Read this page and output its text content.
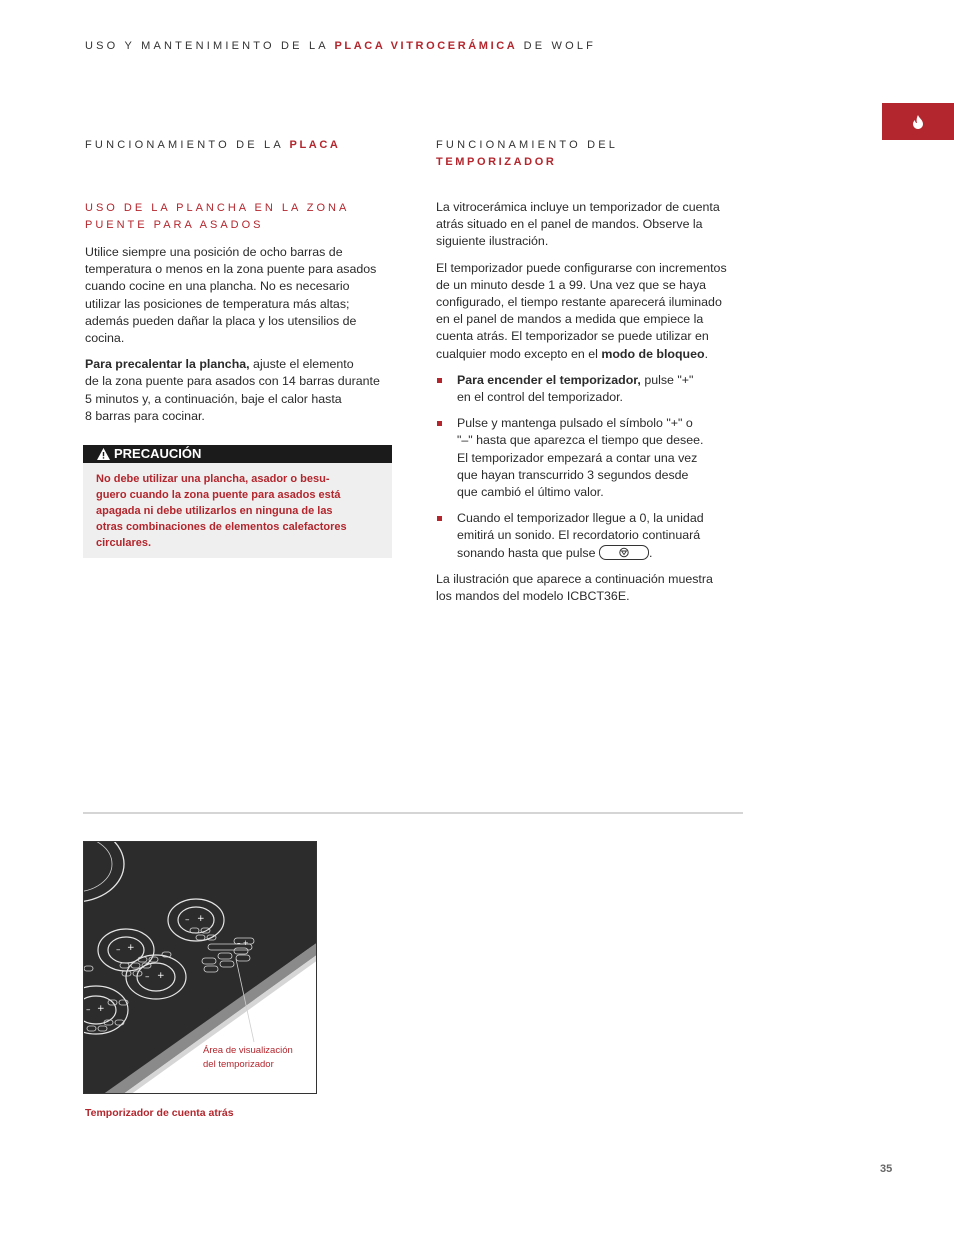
USO Y MANTENIMIENTO DE LA PLACA VITROCERÁMICA DE WOLF
FUNCIONAMIENTO DE LA PLACA
USO DE LA PLANCHA EN LA ZONA
PUENTE PARA ASADOS

Utilice siempre una posición de ocho barras de
temperatura o menos en la zona puente para asados
cuando cocine en una plancha. No es necesario
utilizar las posiciones de temperatura más altas;
además pueden dañar la placa y los utensilios de
cocina.

Para precalentar la plancha, ajuste el elemento
de la zona puente para asados con 14 barras durante
5 minutos y, a continuación, baje el calor hasta
8 barras para cocinar.

PRECAUCIÓN
No debe utilizar una plancha, asador o besu-
guero cuando la zona puente para asados está
apagada ni debe utilizarlos en ninguna de las
otras combinaciones de elementos calefactores
circulares.
FUNCIONAMIENTO DEL
TEMPORIZADOR

La vitrocerámica incluye un temporizador de cuenta
atrás situado en el panel de mandos. Observe la
siguiente ilustración.

El temporizador puede configurarse con incrementos
de un minuto desde 1 a 99. Una vez que se haya
configurado, el tiempo restante aparecerá iluminado
en el panel de mandos a medida que empiece la
cuenta atrás. El temporizador se puede utilizar en
cualquier modo excepto en el modo de bloqueo.

Para encender el temporizador, pulse "+"
en el control del temporizador.
Pulse y mantenga pulsado el símbolo "+" o
"–" hasta que aparezca el tiempo que desee.
El temporizador empezará a contar una vez
que hayan transcurrido 3 segundos desde
que cambió el último valor.
Cuando el temporizador llegue a 0, la unidad
emitirá un sonido. El recordatorio continuará
sonando hasta que pulse	.

La ilustración que aparece a continuación muestra
los mandos del modelo ICBCT36E.

– +
– +
– +
– +
– +
Área de visualización
del temporizador
Temporizador de cuenta atrás
35
